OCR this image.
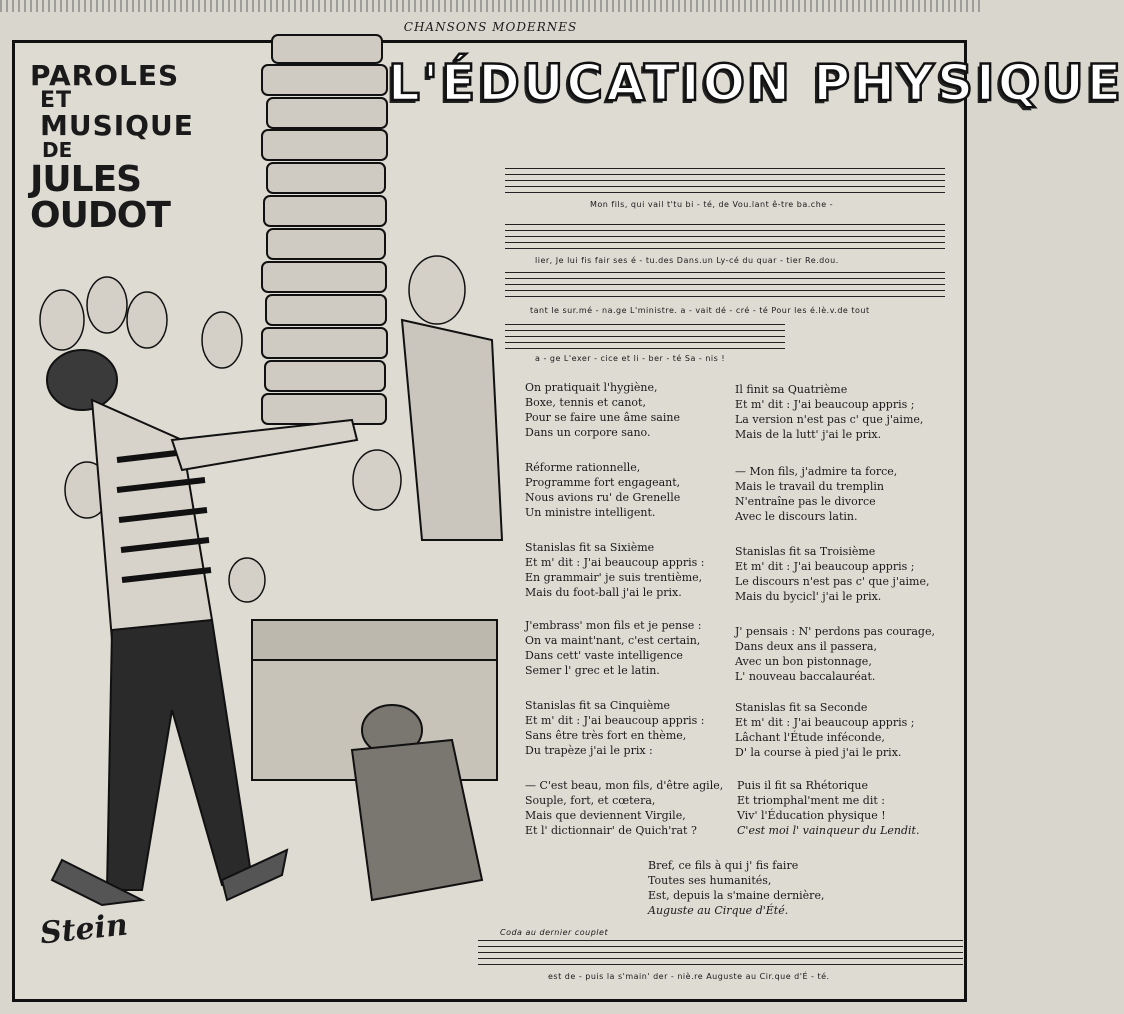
CHANSONS MODERNES
PAROLES
ET
MUSIQUE
DE
JULES OUDOT
L'ÉDUCATION PHYSIQUE
Mon fils, qui vail t'tu bi - té, de Vou.lant ê-tre ba.che -
lier, Je lui fis fair ses é - tu.des Dans.un Ly-cé du quar - tier Re.dou.
tant le sur.mé - na.ge L'ministre. a - vait dé - cré - té Pour les é.lè.v.de tout
a - ge L'exer - cice et li - ber - té Sa - nis !
On pratiquait l'hygiène,
Boxe, tennis et canot,
Pour se faire une âme saine
Dans un corpore sano.
Réforme rationnelle,
Programme fort engageant,
Nous avions ru' de Grenelle
Un ministre intelligent.
Stanislas fit sa Sixième
Et m' dit : J'ai beaucoup appris :
En grammair' je suis trentième,
Mais du foot-ball j'ai le prix.
J'embrass' mon fils et je pense :
On va maint'nant, c'est certain,
Dans cett' vaste intelligence
Semer l' grec et le latin.
Stanislas fit sa Cinquième
Et m' dit : J'ai beaucoup appris :
Sans être très fort en thème,
Du trapèze j'ai le prix :
— C'est beau, mon fils, d'être agile,
Souple, fort, et cœtera,
Mais que deviennent Virgile,
Et l' dictionnair' de Quich'rat ?
Il finit sa Quatrième
Et m' dit : J'ai beaucoup appris ;
La version n'est pas c' que j'aime,
Mais de la lutt' j'ai le prix.
— Mon fils, j'admire ta force,
Mais le travail du tremplin
N'entraîne pas le divorce
Avec le discours latin.
Stanislas fit sa Troisième
Et m' dit : J'ai beaucoup appris ;
Le discours n'est pas c' que j'aime,
Mais du bycicl' j'ai le prix.
J' pensais : N' perdons pas courage,
Dans deux ans il passera,
Avec un bon pistonnage,
L' nouveau baccalauréat.
Stanislas fit sa Seconde
Et m' dit : J'ai beaucoup appris ;
Lâchant l'Étude inféconde,
D' la course à pied j'ai le prix.
Puis il fit sa Rhétorique
Et triomphal'ment me dit :
Viv' l'Éducation physique !
C'est moi l' vainqueur du Lendit.
Bref, ce fils à qui j' fis faire
Toutes ses humanités,
Est, depuis la s'maine dernière,
Auguste au Cirque d'Été.
Coda au dernier couplet
est de - puis la s'main' der - niè.re Auguste au Cir.que d'É - té.
Stein
